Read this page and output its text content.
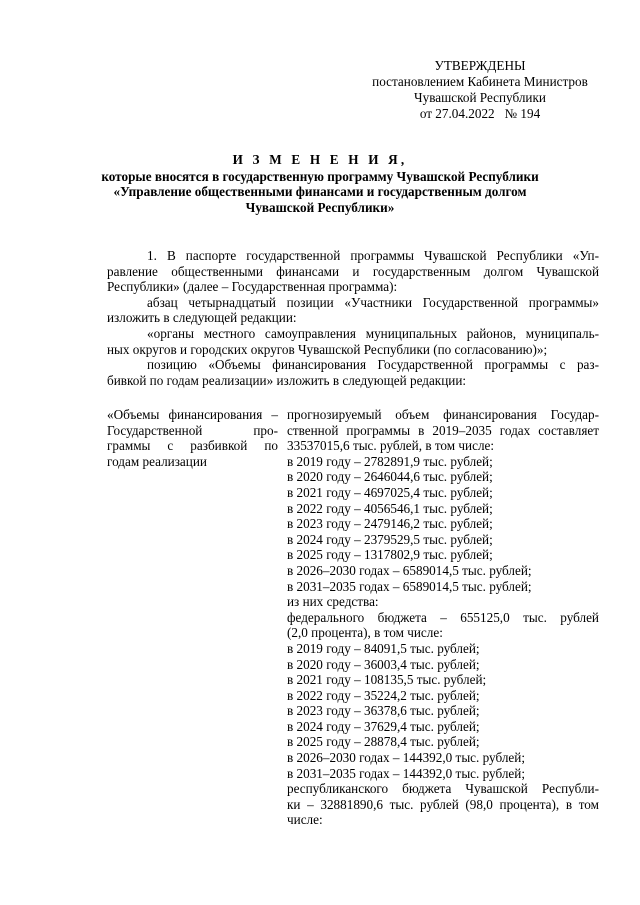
УТВЕРЖДЕНЫ
постановлением Кабинета Министров
Чувашской Республики
от 27.04.2022   № 194
И З М Е Н Е Н И Я,
которые вносятся в государственную программу Чувашской Республики
«Управление общественными финансами и государственным долгом
Чувашской Республики»
1. В паспорте государственной программы Чувашской Республики «Уп-
равление общественными финансами и государственным долгом Чувашской
Республики» (далее – Государственная программа):
абзац четырнадцатый позиции «Участники Государственной программы»
изложить в следующей редакции:
«органы местного самоуправления муниципальных районов, муниципаль-
ных округов и городских округов Чувашской Республики (по согласованию)»;
позицию «Объемы финансирования Государственной программы с раз-
бивкой по годам реализации» изложить в следующей редакции:
«Объемы финансирования –
Государственной про-
граммы с разбивкой по
годам реализации
прогнозируемый объем финансирования Государ-
ственной программы в 2019–2035 годах составляет
33537015,6 тыс. рублей, в том числе:
в 2019 году – 2782891,9 тыс. рублей;
в 2020 году – 2646044,6 тыс. рублей;
в 2021 году – 4697025,4 тыс. рублей;
в 2022 году – 4056546,1 тыс. рублей;
в 2023 году – 2479146,2 тыс. рублей;
в 2024 году – 2379529,5 тыс. рублей;
в 2025 году – 1317802,9 тыс. рублей;
в 2026–2030 годах – 6589014,5 тыс. рублей;
в 2031–2035 годах – 6589014,5 тыс. рублей;
из них средства:
федерального бюджета – 655125,0 тыс. рублей
(2,0 процента), в том числе:
в 2019 году – 84091,5 тыс. рублей;
в 2020 году – 36003,4 тыс. рублей;
в 2021 году – 108135,5 тыс. рублей;
в 2022 году – 35224,2 тыс. рублей;
в 2023 году – 36378,6 тыс. рублей;
в 2024 году – 37629,4 тыс. рублей;
в 2025 году – 28878,4 тыс. рублей;
в 2026–2030 годах – 144392,0 тыс. рублей;
в 2031–2035 годах – 144392,0 тыс. рублей;
республиканского бюджета Чувашской Республи-
ки – 32881890,6 тыс. рублей (98,0 процента), в том
числе:
